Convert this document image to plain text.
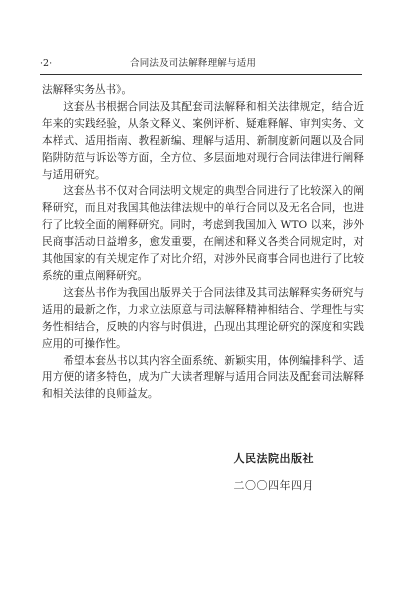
·2·	合同法及司法解释理解与适用

法解释实务丛书》。

这套丛书根据合同法及其配套司法解释和相关法律规定，结合近年来的实践经验，从条文释义、案例评析、疑难释解、审判实务、文本样式、适用指南、教程新编、理解与适用、新制度新问题以及合同陷阱防范与诉讼等方面，全方位、多层面地对现行合同法律进行阐释与适用研究。

这套丛书不仅对合同法明文规定的典型合同进行了比较深入的阐释研究，而且对我国其他法律法规中的单行合同以及无名合同，也进行了比较全面的阐释研究。同时，考虑到我国加入 WTO 以来，涉外民商事活动日益增多，愈发重要，在阐述和释义各类合同规定时，对其他国家的有关规定作了对比介绍，对涉外民商事合同也进行了比较系统的重点阐释研究。

这套丛书作为我国出版界关于合同法律及其司法解释实务研究与适用的最新之作，力求立法原意与司法解释精神相结合、学理性与实务性相结合，反映的内容与时俱进，凸现出其理论研究的深度和实践应用的可操作性。

希望本套丛书以其内容全面系统、新颖实用，体例编排科学、适用方便的诸多特色，成为广大读者理解与适用合同法及配套司法解释和相关法律的良师益友。

人民法院出版社
二〇〇四年四月
